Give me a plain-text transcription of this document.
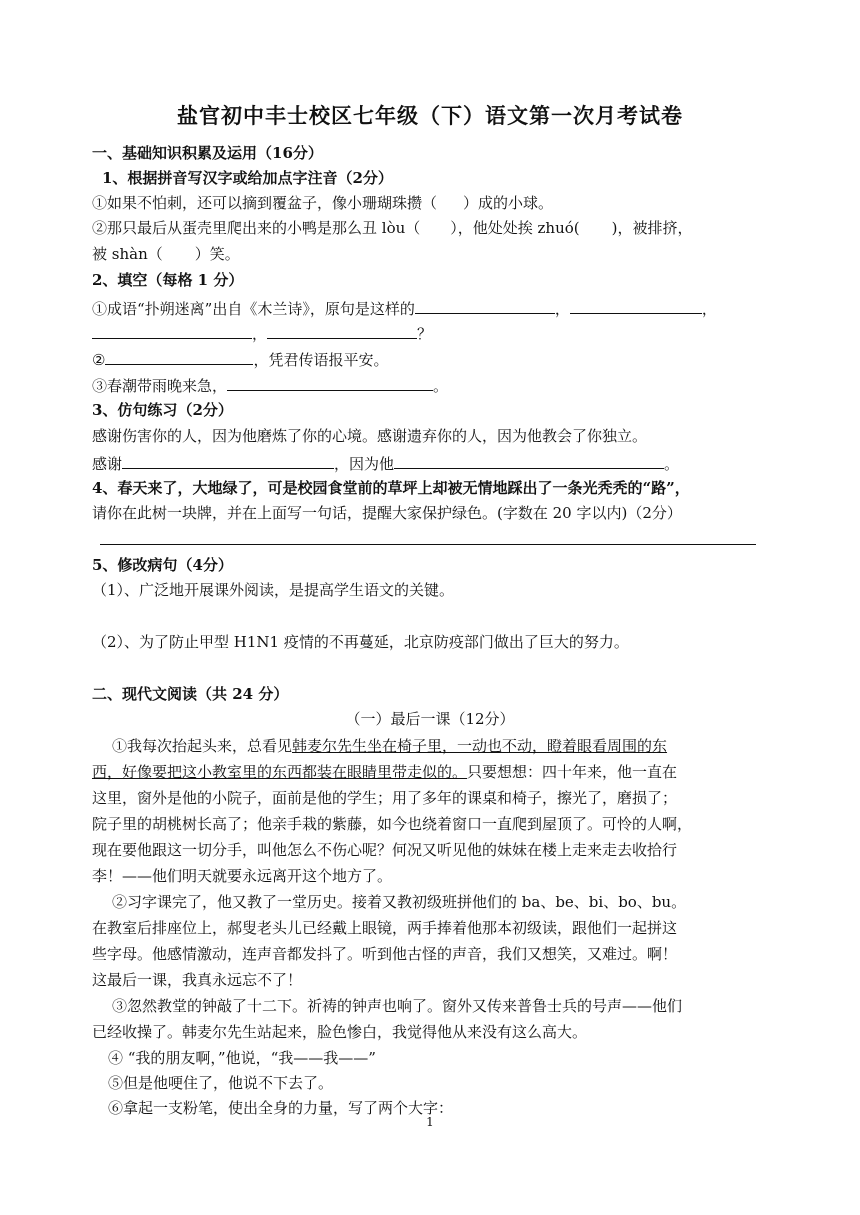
盐官初中丰士校区七年级（下）语文第一次月考试卷
一、基础知识积累及运用（16分）
1、根据拼音写汉字或给加点字注音（2分）
①如果不怕刺，还可以摘到覆盆子，像小珊瑚珠攒（ ）成的小球。
②那只最后从蛋壳里爬出来的小鸭是那么丑 lòu（ ），他处处挨 zhuó( )，被排挤，
被 shàn（ ）笑。
2、填空（每格 1 分）
①成语“扑朔迷离”出自《木兰诗》，原句是这样的	，	，
，	？
②	，凭君传语报平安。
③春潮带雨晚来急，	。
3、仿句练习（2分）
感谢伤害你的人，因为他磨炼了你的心境。感谢遗弃你的人，因为他教会了你独立。
感谢	，因为他	。
4、春天来了，大地绿了，可是校园食堂前的草坪上却被无情地踩出了一条光秃秃的“路”，
请你在此树一块牌，并在上面写一句话，提醒大家保护绿色。(字数在 20 字以内)（2分）
5、修改病句（4分）
（1）、广泛地开展课外阅读，是提高学生语文的关键。
（2）、为了防止甲型 H1N1 疫情的不再蔓延，北京防疫部门做出了巨大的努力。
二、现代文阅读（共 24 分）
（一）最后一课（12分）
①我每次抬起头来，总看见韩麦尔先生坐在椅子里，一动也不动，瞪着眼看周围的东
西，好像要把这小教室里的东西都装在眼睛里带走似的。只要想想：四十年来，他一直在
这里，窗外是他的小院子，面前是他的学生；用了多年的课桌和椅子，擦光了，磨损了；
院子里的胡桃树长高了；他亲手栽的紫藤，如今也绕着窗口一直爬到屋顶了。可怜的人啊，
现在要他跟这一切分手，叫他怎么不伤心呢？何况又听见他的妹妹在楼上走来走去收拾行
李！——他们明天就要永远离开这个地方了。
②习字课完了，他又教了一堂历史。接着又教初级班拼他们的 ba、be、bi、bo、bu。
在教室后排座位上，郝叟老头儿已经戴上眼镜，两手捧着他那本初级读，跟他们一起拼这
些字母。他感情激动，连声音都发抖了。听到他古怪的声音，我们又想笑，又难过。啊！
这最后一课，我真永远忘不了！
③忽然教堂的钟敲了十二下。祈祷的钟声也响了。窗外又传来普鲁士兵的号声——他们
已经收操了。韩麦尔先生站起来，脸色惨白，我觉得他从来没有这么高大。
④ “我的朋友啊，”他说，“我——我——”
⑤但是他哽住了，他说不下去了。
⑥拿起一支粉笔，使出全身的力量，写了两个大字：
1
